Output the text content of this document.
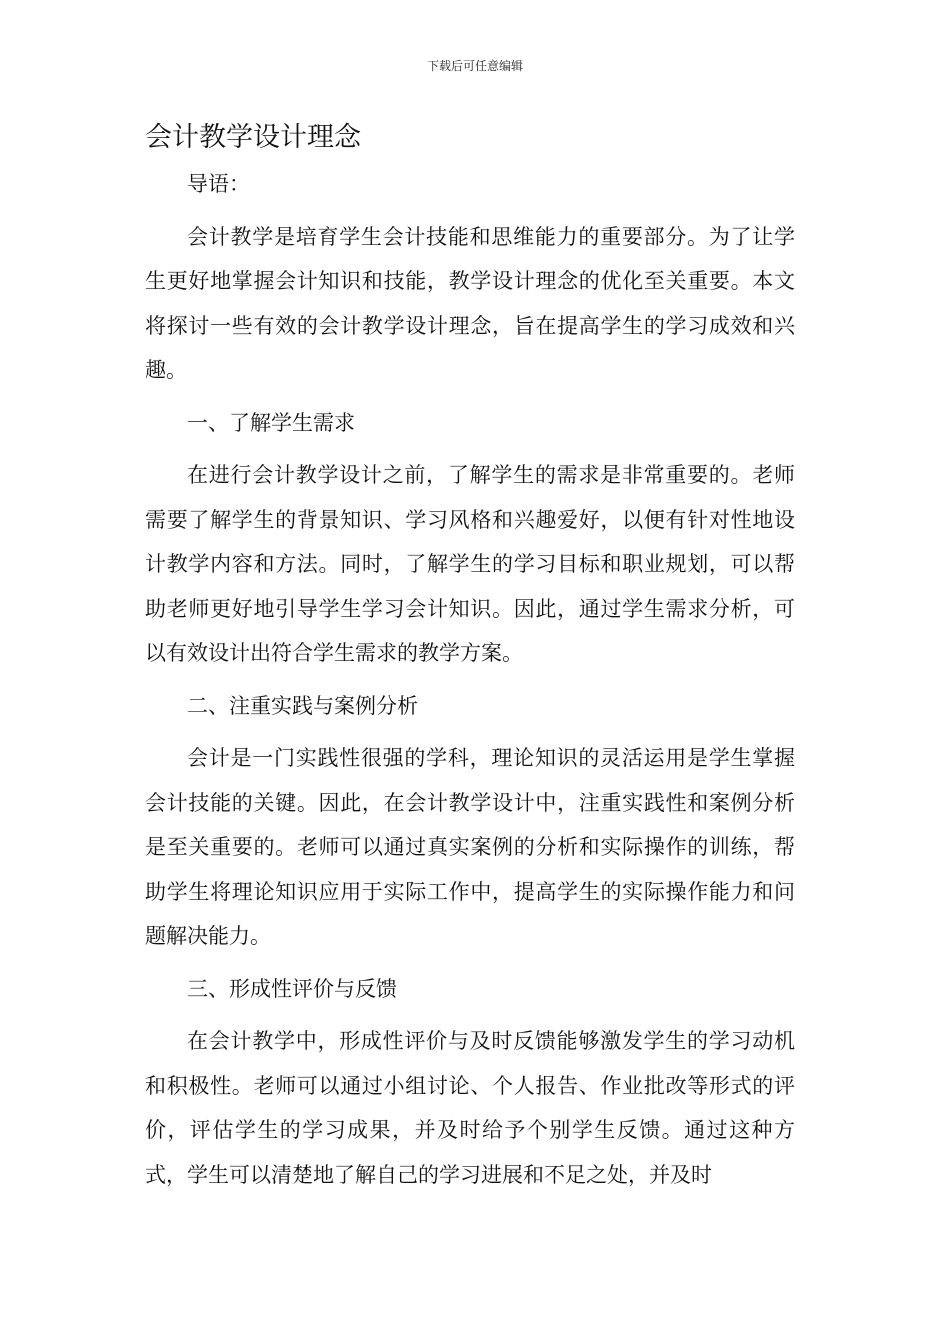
下载后可任意编辑
会计教学设计理念

导语：

会计教学是培育学生会计技能和思维能力的重要部分。为了让学生更好地掌握会计知识和技能，教学设计理念的优化至关重要。本文将探讨一些有效的会计教学设计理念，旨在提高学生的学习成效和兴趣。

一、了解学生需求

在进行会计教学设计之前，了解学生的需求是非常重要的。老师需要了解学生的背景知识、学习风格和兴趣爱好，以便有针对性地设计教学内容和方法。同时，了解学生的学习目标和职业规划，可以帮助老师更好地引导学生学习会计知识。因此，通过学生需求分析，可以有效设计出符合学生需求的教学方案。

二、注重实践与案例分析

会计是一门实践性很强的学科，理论知识的灵活运用是学生掌握会计技能的关键。因此，在会计教学设计中，注重实践性和案例分析是至关重要的。老师可以通过真实案例的分析和实际操作的训练，帮助学生将理论知识应用于实际工作中，提高学生的实际操作能力和问题解决能力。

三、形成性评价与反馈

在会计教学中，形成性评价与及时反馈能够激发学生的学习动机和积极性。老师可以通过小组讨论、个人报告、作业批改等形式的评价，评估学生的学习成果，并及时给予个别学生反馈。通过这种方式，学生可以清楚地了解自己的学习进展和不足之处，并及时
